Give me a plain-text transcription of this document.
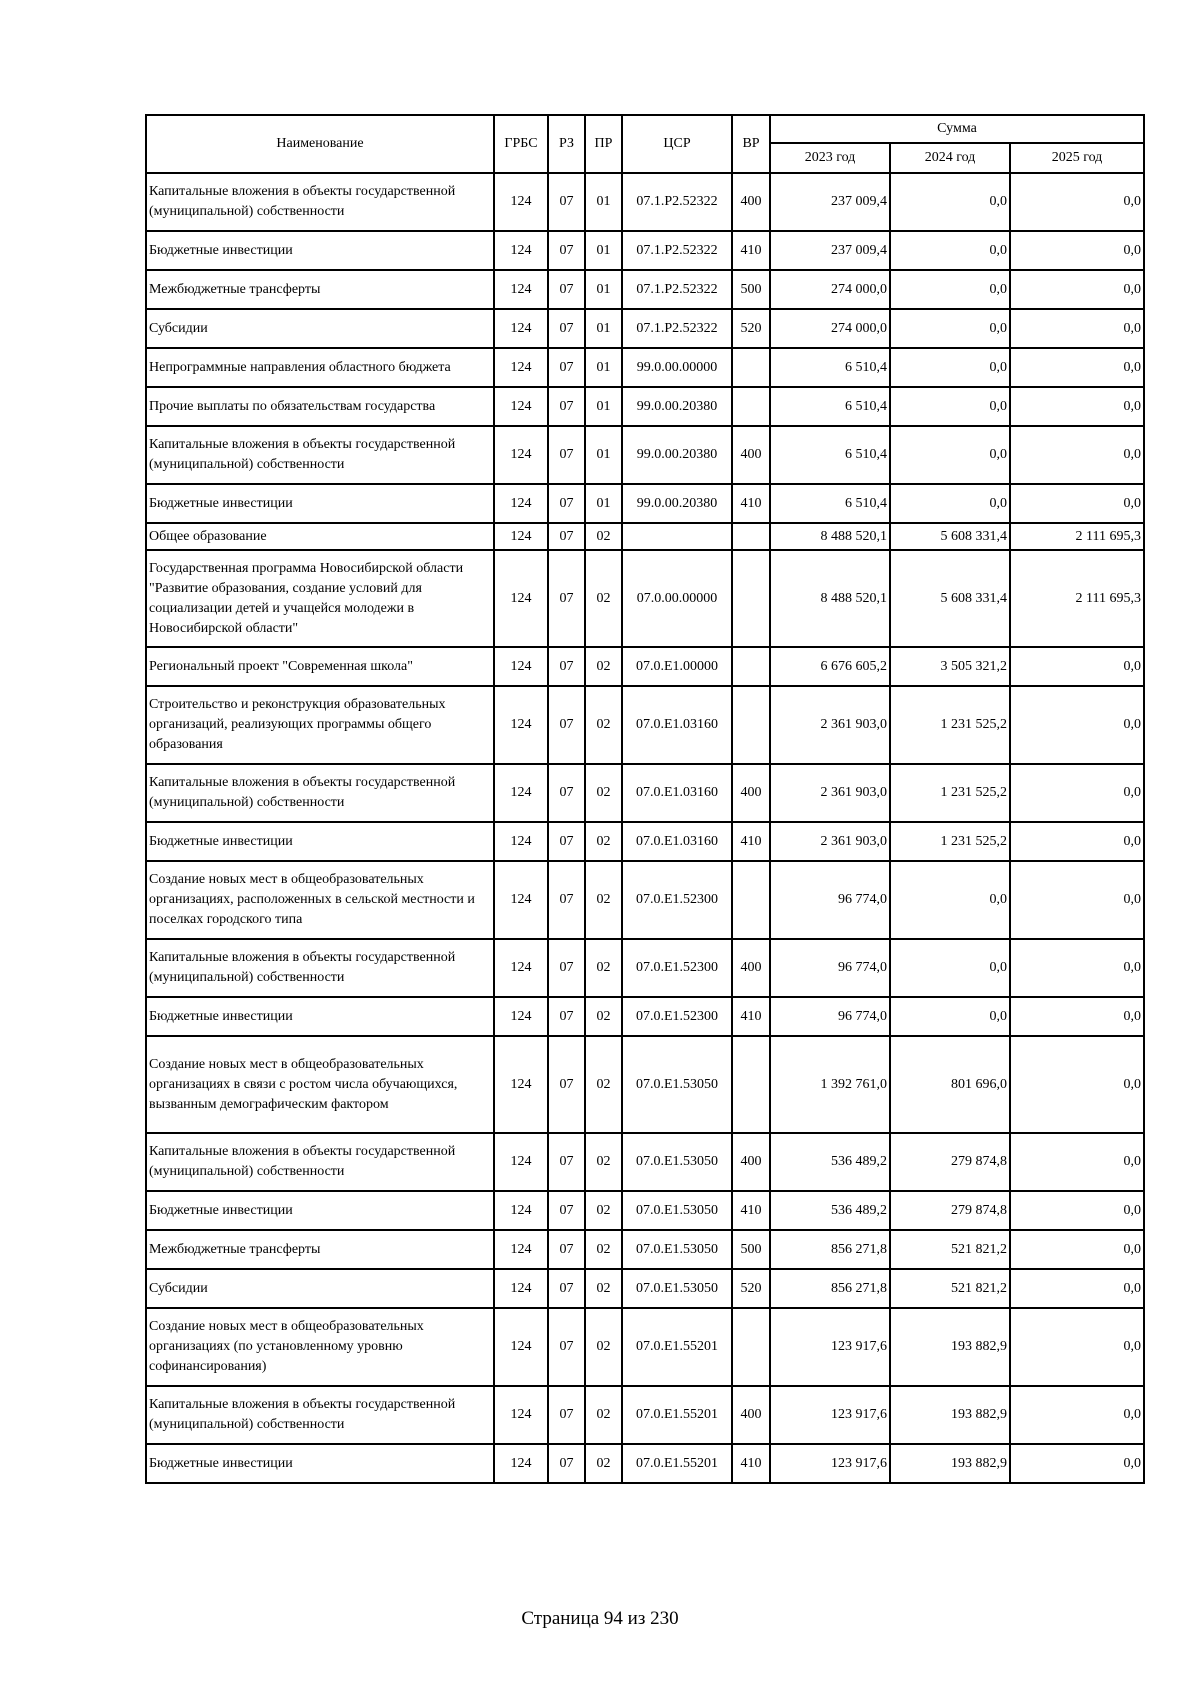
Наименование	ГРБС	РЗ	ПР	ЦСР	ВР	Сумма		
						2023 год	2024 год	2025 год
Капитальные вложения в объекты государственной (муниципальной) собственности	124	07	01	07.1.Р2.52322	400	237 009,4	0,0	0,0
Бюджетные инвестиции	124	07	01	07.1.Р2.52322	410	237 009,4	0,0	0,0
Межбюджетные трансферты	124	07	01	07.1.Р2.52322	500	274 000,0	0,0	0,0
Субсидии	124	07	01	07.1.Р2.52322	520	274 000,0	0,0	0,0
Непрограммные направления областного бюджета	124	07	01	99.0.00.00000		6 510,4	0,0	0,0
Прочие выплаты по обязательствам государства	124	07	01	99.0.00.20380		6 510,4	0,0	0,0
Капитальные вложения в объекты государственной (муниципальной) собственности	124	07	01	99.0.00.20380	400	6 510,4	0,0	0,0
Бюджетные инвестиции	124	07	01	99.0.00.20380	410	6 510,4	0,0	0,0
Общее образование	124	07	02			8 488 520,1	5 608 331,4	2 111 695,3
Государственная программа Новосибирской области "Развитие образования, создание условий для социализации детей и учащейся молодежи в Новосибирской области"	124	07	02	07.0.00.00000		8 488 520,1	5 608 331,4	2 111 695,3
Региональный проект "Современная школа"	124	07	02	07.0.Е1.00000		6 676 605,2	3 505 321,2	0,0
Строительство и реконструкция образовательных организаций, реализующих программы общего образования	124	07	02	07.0.Е1.03160		2 361 903,0	1 231 525,2	0,0
Капитальные вложения в объекты государственной (муниципальной) собственности	124	07	02	07.0.Е1.03160	400	2 361 903,0	1 231 525,2	0,0
Бюджетные инвестиции	124	07	02	07.0.Е1.03160	410	2 361 903,0	1 231 525,2	0,0
Создание новых мест в общеобразовательных организациях, расположенных в сельской местности и поселках городского типа	124	07	02	07.0.Е1.52300		96 774,0	0,0	0,0
Капитальные вложения в объекты государственной (муниципальной) собственности	124	07	02	07.0.Е1.52300	400	96 774,0	0,0	0,0
Бюджетные инвестиции	124	07	02	07.0.Е1.52300	410	96 774,0	0,0	0,0
Создание новых мест в общеобразовательных организациях в связи с ростом числа обучающихся, вызванным демографическим фактором	124	07	02	07.0.Е1.53050		1 392 761,0	801 696,0	0,0
Капитальные вложения в объекты государственной (муниципальной) собственности	124	07	02	07.0.Е1.53050	400	536 489,2	279 874,8	0,0
Бюджетные инвестиции	124	07	02	07.0.Е1.53050	410	536 489,2	279 874,8	0,0
Межбюджетные трансферты	124	07	02	07.0.Е1.53050	500	856 271,8	521 821,2	0,0
Субсидии	124	07	02	07.0.Е1.53050	520	856 271,8	521 821,2	0,0
Создание новых мест в общеобразовательных организациях (по установленному уровню софинансирования)	124	07	02	07.0.Е1.55201		123 917,6	193 882,9	0,0
Капитальные вложения в объекты государственной (муниципальной) собственности	124	07	02	07.0.Е1.55201	400	123 917,6	193 882,9	0,0
Бюджетные инвестиции	124	07	02	07.0.Е1.55201	410	123 917,6	193 882,9	0,0
Страница 94 из 230
